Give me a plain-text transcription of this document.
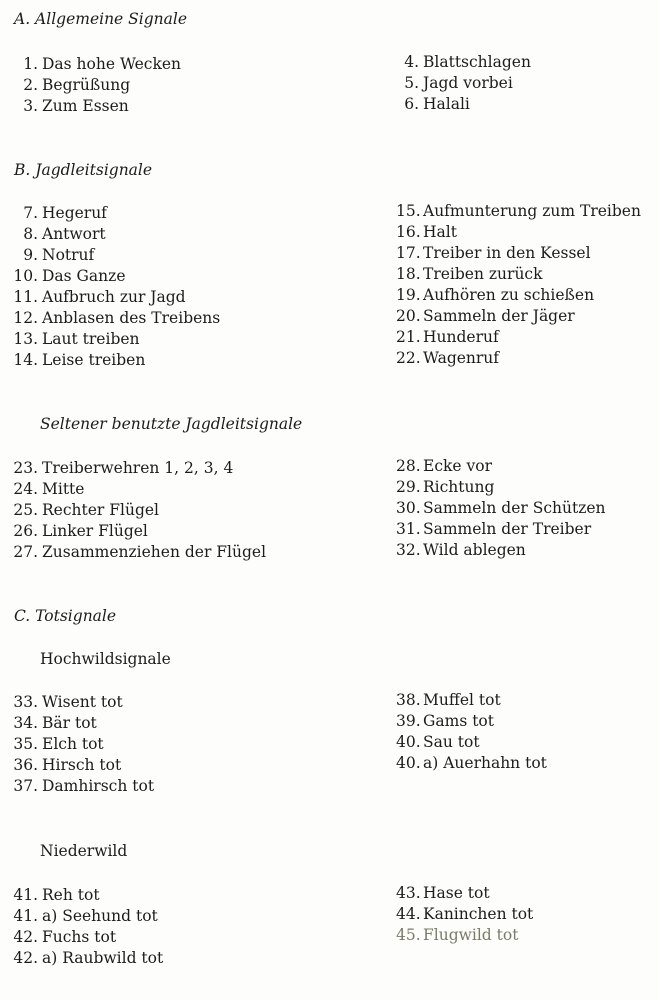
A. Allgemeine Signale
1. Das hohe Wecken
2. Begrüßung
3. Zum Essen
4. Blattschlagen
5. Jagd vorbei
6. Halali
B. Jagdleitsignale
7. Hegeruf
8. Antwort
9. Notruf
10. Das Ganze
11. Aufbruch zur Jagd
12. Anblasen des Treibens
13. Laut treiben
14. Leise treiben
15. Aufmunterung zum Treiben
16. Halt
17. Treiber in den Kessel
18. Treiben zurück
19. Aufhören zu schießen
20. Sammeln der Jäger
21. Hunderuf
22. Wagenruf
Seltener benutzte Jagdleitsignale
23. Treiberwehren 1, 2, 3, 4
24. Mitte
25. Rechter Flügel
26. Linker Flügel
27. Zusammenziehen der Flügel
28. Ecke vor
29. Richtung
30. Sammeln der Schützen
31. Sammeln der Treiber
32. Wild ablegen
C. Totsignale
Hochwildsignale
33. Wisent tot
34. Bär tot
35. Elch tot
36. Hirsch tot
37. Damhirsch tot
38. Muffel tot
39. Gams tot
40. Sau tot
40. a) Auerhahn tot
Niederwild
41. Reh tot
41. a) Seehund tot
42. Fuchs tot
42. a) Raubwild tot
43. Hase tot
44. Kaninchen tot
45. Flugwild tot
